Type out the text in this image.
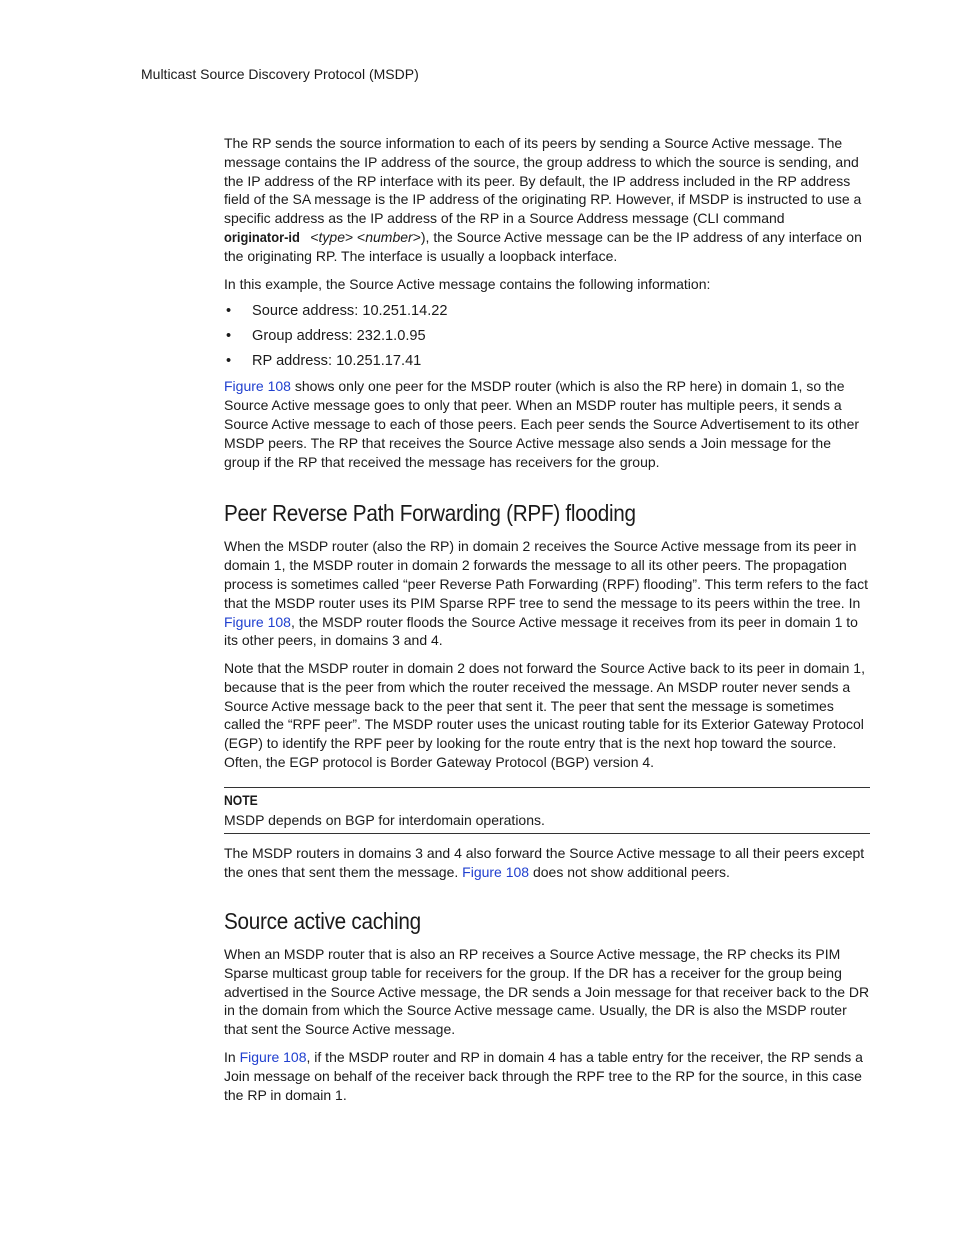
Multicast Source Discovery Protocol (MSDP)

The RP sends the source information to each of its peers by sending a Source Active message. The message contains the IP address of the source, the group address to which the source is sending, and the IP address of the RP interface with its peer. By default, the IP address included in the RP address field of the SA message is the IP address of the originating RP. However, if MSDP is instructed to use a specific address as the IP address of the RP in a Source Address message (CLI command originator-id <type> <number>), the Source Active message can be the IP address of any interface on the originating RP. The interface is usually a loopback interface.

In this example, the Source Active message contains the following information:

• Source address: 10.251.14.22
• Group address: 232.1.0.95
• RP address: 10.251.17.41

Figure 108 shows only one peer for the MSDP router (which is also the RP here) in domain 1, so the Source Active message goes to only that peer. When an MSDP router has multiple peers, it sends a Source Active message to each of those peers. Each peer sends the Source Advertisement to its other MSDP peers. The RP that receives the Source Active message also sends a Join message for the group if the RP that received the message has receivers for the group.

Peer Reverse Path Forwarding (RPF) flooding

When the MSDP router (also the RP) in domain 2 receives the Source Active message from its peer in domain 1, the MSDP router in domain 2 forwards the message to all its other peers. The propagation process is sometimes called “peer Reverse Path Forwarding (RPF) flooding”. This term refers to the fact that the MSDP router uses its PIM Sparse RPF tree to send the message to its peers within the tree. In Figure 108, the MSDP router floods the Source Active message it receives from its peer in domain 1 to its other peers, in domains 3 and 4.

Note that the MSDP router in domain 2 does not forward the Source Active back to its peer in domain 1, because that is the peer from which the router received the message. An MSDP router never sends a Source Active message back to the peer that sent it. The peer that sent the message is sometimes called the “RPF peer”. The MSDP router uses the unicast routing table for its Exterior Gateway Protocol (EGP) to identify the RPF peer by looking for the route entry that is the next hop toward the source. Often, the EGP protocol is Border Gateway Protocol (BGP) version 4.

NOTE
MSDP depends on BGP for interdomain operations.

The MSDP routers in domains 3 and 4 also forward the Source Active message to all their peers except the ones that sent them the message. Figure 108 does not show additional peers.

Source active caching

When an MSDP router that is also an RP receives a Source Active message, the RP checks its PIM Sparse multicast group table for receivers for the group. If the DR has a receiver for the group being advertised in the Source Active message, the DR sends a Join message for that receiver back to the DR in the domain from which the Source Active message came. Usually, the DR is also the MSDP router that sent the Source Active message.

In Figure 108, if the MSDP router and RP in domain 4 has a table entry for the receiver, the RP sends a Join message on behalf of the receiver back through the RPF tree to the RP for the source, in this case the RP in domain 1.
